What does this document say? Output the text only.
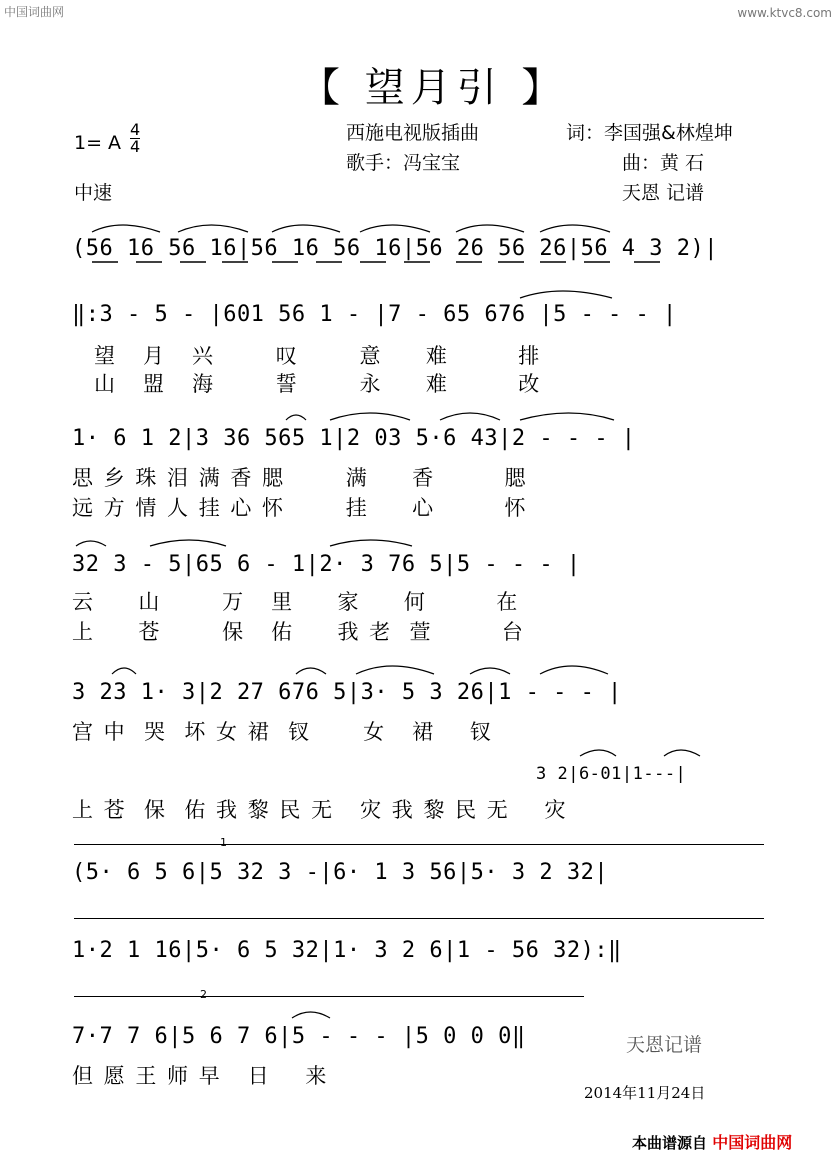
中国词曲网	www.ktvc8.com
【 望月引 】
1= A
4
4
中速
西施电视版插曲
歌手：冯宝宝
词：李国强&林煌坤
曲：黄 石
天恩 记谱
(56 16 56 16|56 16 56 16|56 26 56 26|56 4 3 2)|
‖:3 - 5 - |601 56 1 - |7 - 65 676 |5 - - - |
望   月   兴       叹       意     难        排
山   盟   海       誓       永     难        改
1· 6 1 2|3 36 565 1|2 03 5·6 43|2 - - - |
思 乡 珠 泪 满 香 腮       满     香        腮
远 方 情 人 挂 心 怀       挂     心        怀
32 3 - 5|65 6 - 1|2· 3 76 5|5 - - - |
云     山       万   里     家     何        在
上     苍       保   佑     我 老  萱        台
3 23 1· 3|2 27 676 5|3· 5 3 26|1 - - - |
宫 中  哭  坏 女 裙  钗      女   裙    钗
3 2|6-01|1---|
上 苍  保  佑 我 黎 民 无   灾 我 黎 民 无    灾
1
(5· 6 5 6|5 32 3 -|6· 1 3 56|5· 3 2 32|
1·2 1 16|5· 6 5 32|1· 3 2 6|1 - 56 32):‖
2
7·7 7 6|5 6 7 6|5 - - - |5 0 0 0‖
但 愿 王 师 早   日    来
天恩记谱
2014年11月24日
本曲谱源自 中国词曲网
